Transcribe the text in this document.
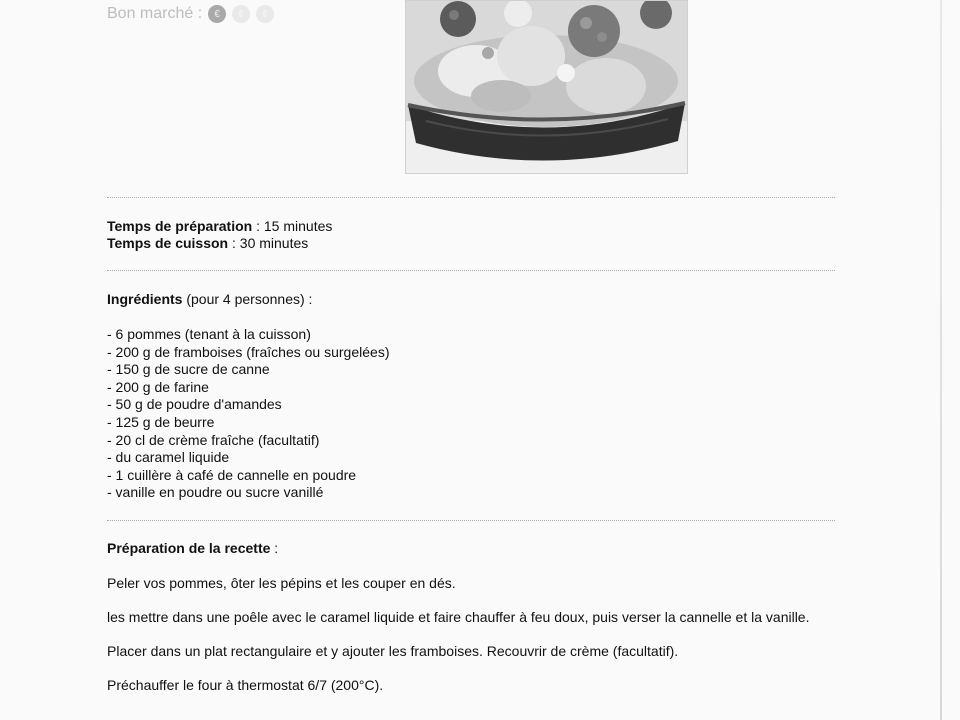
Bon marché :	€	€	€
Temps de préparation : 15 minutes
Temps de cuisson : 30 minutes
Ingrédients (pour 4 personnes) :
- 6 pommes (tenant à la cuisson)
- 200 g de framboises (fraîches ou surgelées)
- 150 g de sucre de canne
- 200 g de farine
- 50 g de poudre d'amandes
- 125 g de beurre
- 20 cl de crème fraîche (facultatif)
- du caramel liquide
- 1 cuillère à café de cannelle en poudre
- vanille en poudre ou sucre vanillé
Préparation de la recette :

Peler vos pommes, ôter les pépins et les couper en dés.

les mettre dans une poêle avec le caramel liquide et faire chauffer à feu doux, puis verser la cannelle et la vanille.

Placer dans un plat rectangulaire et y ajouter les framboises. Recouvrir de crème (facultatif).

Préchauffer le four à thermostat 6/7 (200°C).
